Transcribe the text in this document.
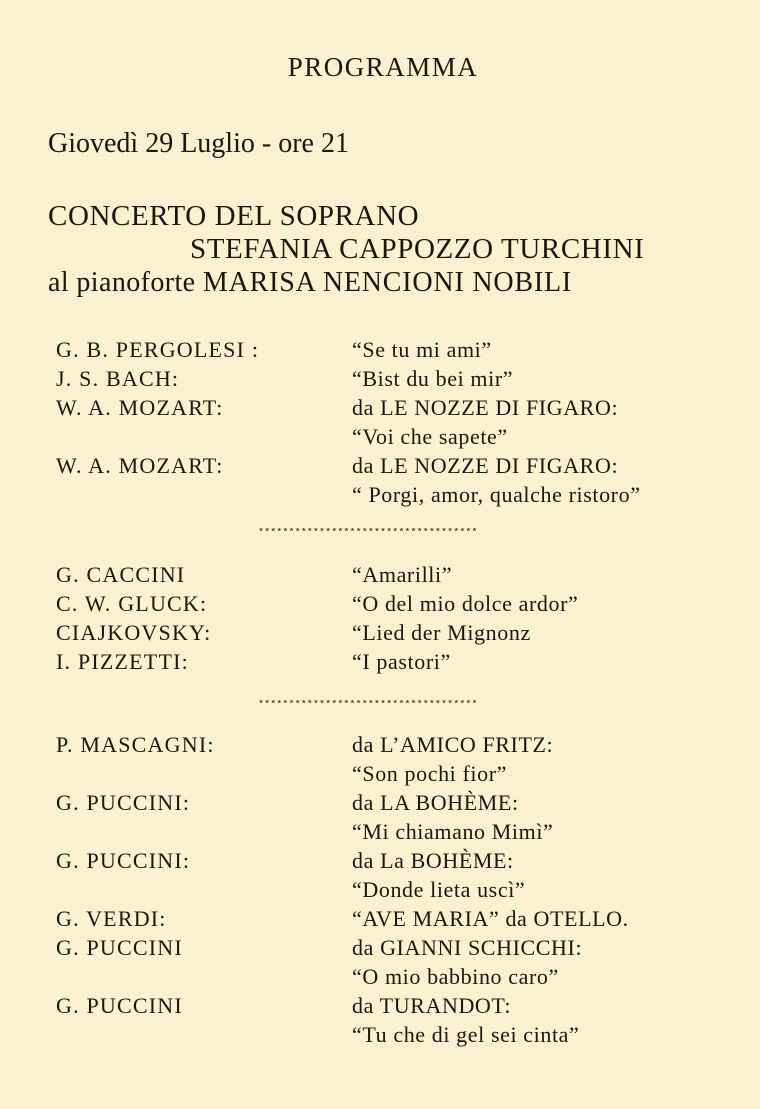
PROGRAMMA
Giovedì 29 Luglio - ore 21
CONCERTO DEL SOPRANO
STEFANIA CAPPOZZO TURCHINI
al pianoforte MARISA NENCIONI NOBILI
G. B. PERGOLESI :	“Se tu mi ami”
J. S. BACH:	“Bist du bei mir”
W. A. MOZART:	da LE NOZZE DI FIGARO:
“Voi che sapete”
W. A. MOZART:	da LE NOZZE DI FIGARO:
“ Porgi, amor, qualche ristoro”
G. CACCINI	“Amarilli”
C. W. GLUCK:	“O del mio dolce ardor”
CIAJKOVSKY:	“Lied der Mignonz
I. PIZZETTI:	“I pastori”
P. MASCAGNI:	da L’AMICO FRITZ:
“Son pochi fior”
G. PUCCINI:	da LA BOHÈME:
“Mi chiamano Mimì”
G. PUCCINI:	da La BOHÈME:
“Donde lieta uscì”
G. VERDI:	“AVE MARIA” da OTELLO.
G. PUCCINI	da GIANNI SCHICCHI:
“O mio babbino caro”
G. PUCCINI	da TURANDOT:
“Tu che di gel sei cinta”
************************************
************************************
